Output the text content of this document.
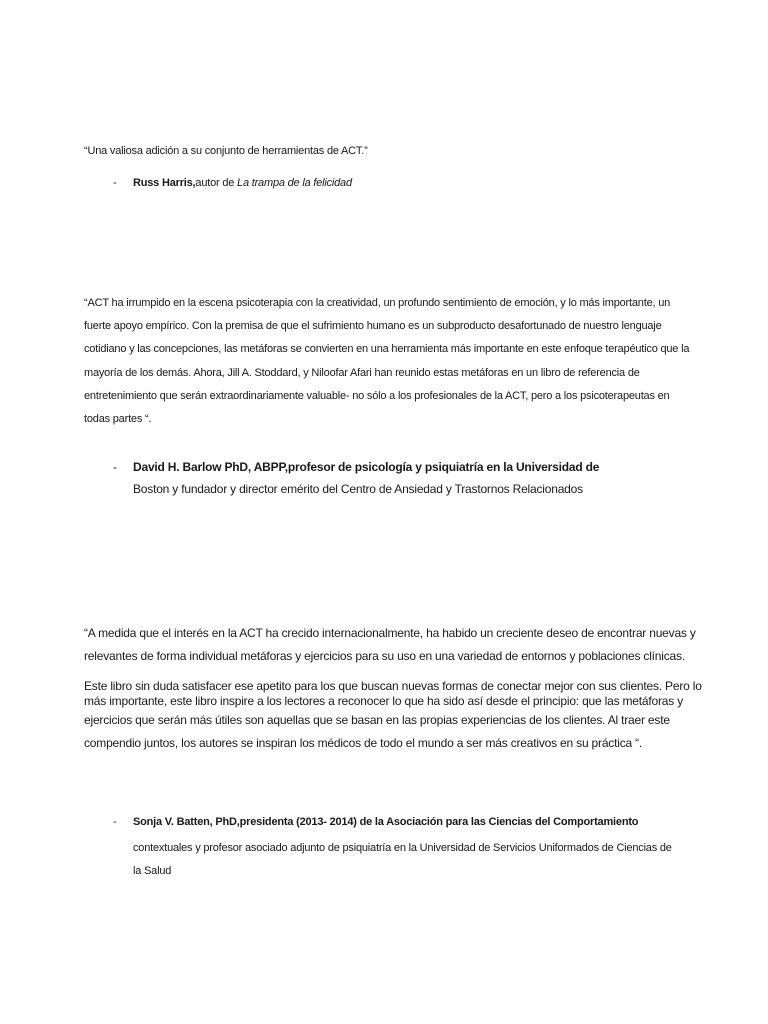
“Una valiosa adición a su conjunto de herramientas de ACT.”

- Russ Harris,autor de La trampa de la felicidad

“ACT ha irrumpido en la escena psicoterapia con la creatividad, un profundo sentimiento de emoción, y lo más importante, un fuerte apoyo empírico. Con la premisa de que el sufrimiento humano es un subproducto desafortunado de nuestro lenguaje cotidiano y las concepciones, las metáforas se convierten en una herramienta más importante en este enfoque terapéutico que la mayoría de los demás. Ahora, Jill A. Stoddard, y Niloofar Afari han reunido estas metáforas en un libro de referencia de entretenimiento que serán extraordinariamente valuable- no sólo a los profesionales de la ACT, pero a los psicoterapeutas en todas partes “.

- David H. Barlow PhD, ABPP,profesor de psicología y psiquiatría en la Universidad de
Boston y fundador y director emérito del Centro de Ansiedad y Trastornos Relacionados

“A medida que el interés en la ACT ha crecido internacionalmente, ha habido un creciente deseo de encontrar nuevas y relevantes de forma individual metáforas y ejercicios para su uso en una variedad de entornos y poblaciones clínicas.

Este libro sin duda satisfacer ese apetito para los que buscan nuevas formas de conectar mejor con sus clientes. Pero lo más importante, este libro inspire a los lectores a reconocer lo que ha sido así desde el principio: que las metáforas y
ejercicios que serán más útiles son aquellas que se basan en las propias experiencias de los clientes. Al traer este compendio juntos, los autores se inspiran los médicos de todo el mundo a ser más creativos en su práctica “.

- Sonja V. Batten, PhD,presidenta (2013- 2014) de la Asociación para las Ciencias del Comportamiento
contextuales y profesor asociado adjunto de psiquiatría en la Universidad de Servicios Uniformados de Ciencias de la Salud
